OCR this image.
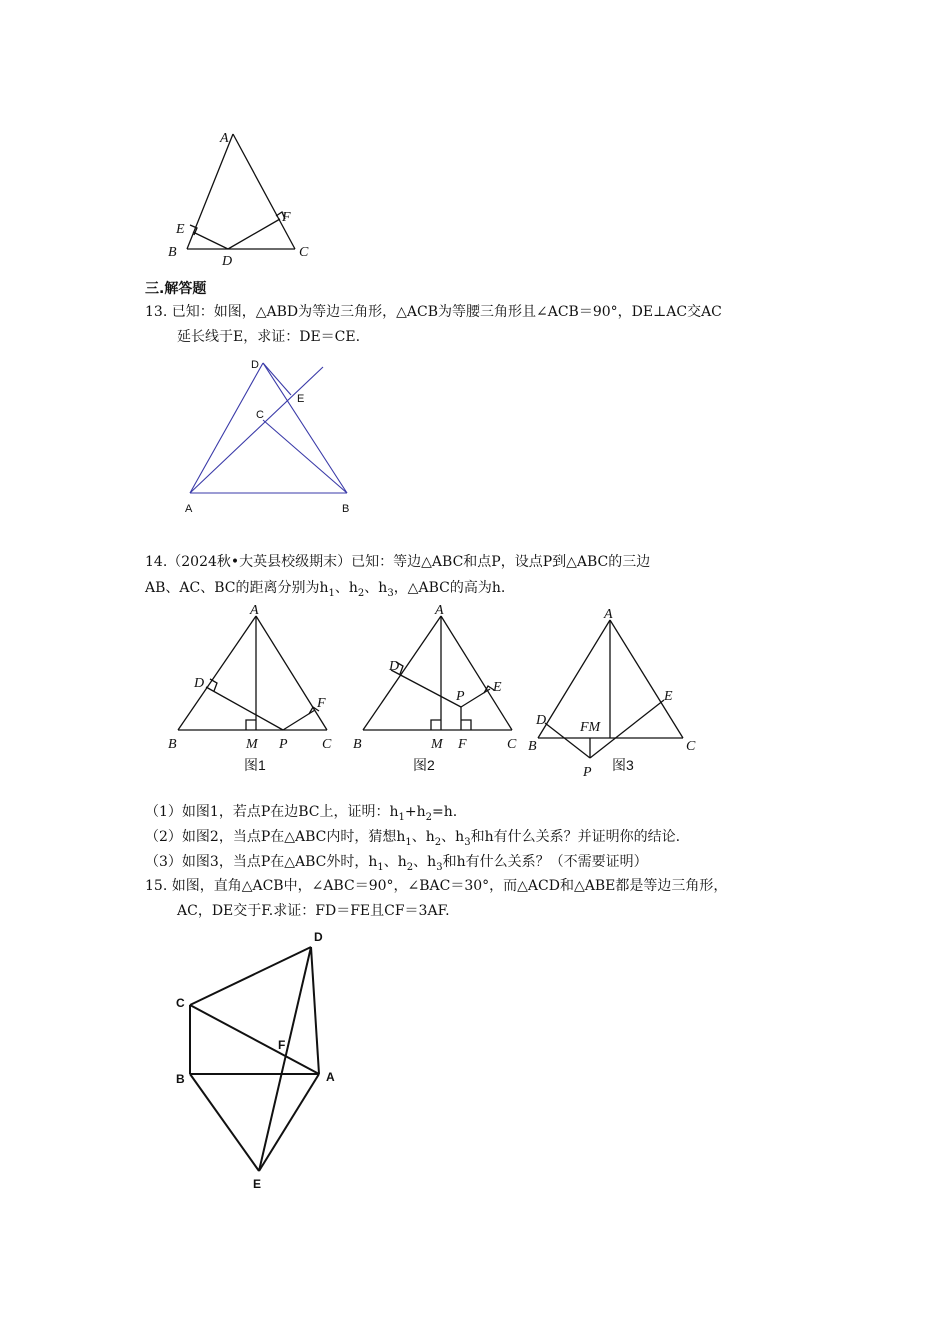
A
E
F
B
D
C
三.解答题
13. 已知：如图，△ABD为等边三角形，△ACB为等腰三角形且∠ACB＝90°，DE⊥AC交AC
延长线于E，求证：DE＝CE.
D
E
C
A	B
14.（2024秋•大英县校级期末）已知：等边△ABC和点P，设点P到△ABC的三边
AB、AC、BC的距离分别为$h_1$、$h_2$、$h_3$，△ABC的高为h.
A
D
F
B	M P C
图1
A
D
P
E
B	M F	C
图2
A
E
D FM
B	C
P 图3
（1）如图1，若点P在边BC上，证明：$h_1+h_2=h$.
（2）如图2，当点P在△ABC内时，猜想$h_1$、$h_2$、$h_3$和h有什么关系？并证明你的结论.
（3）如图3，当点P在△ABC外时，$h_1$、$h_2$、$h_3$和h有什么关系？（不需要证明）
15. 如图，直角△ACB中，∠ABC＝90°，∠BAC＝30°，而△ACD和△ABE都是等边三角形，
AC，DE交于F.求证：FD＝FE且CF＝3AF.
D
C
F
B	A
E
